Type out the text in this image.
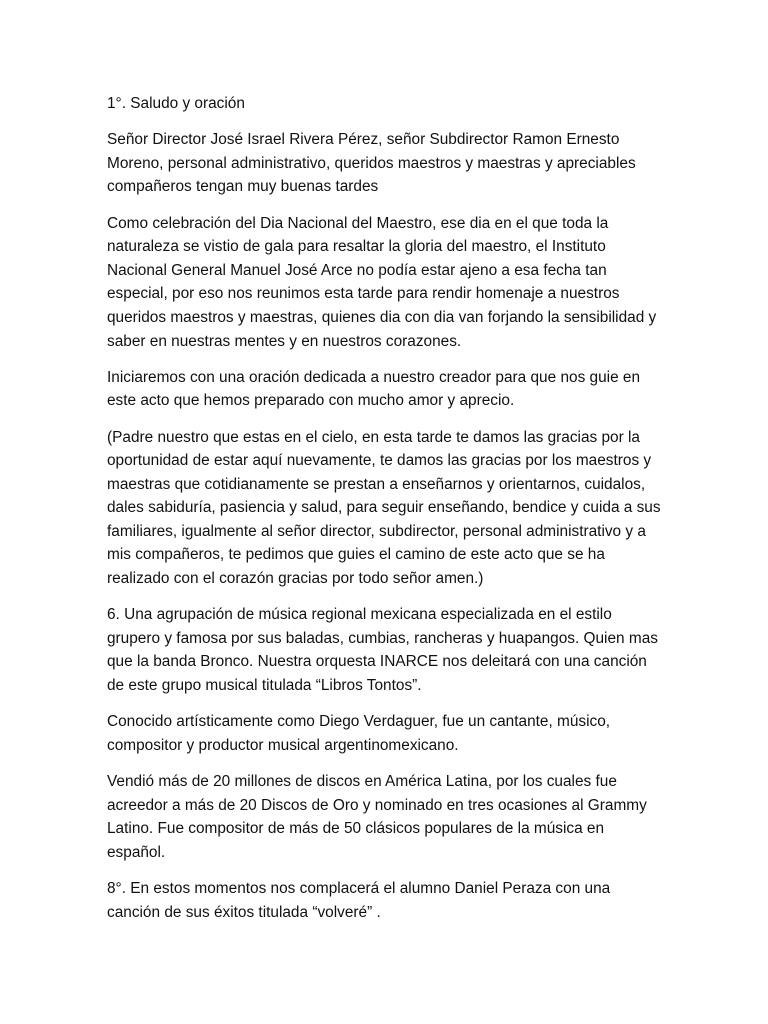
1°. Saludo y oración

Señor Director José Israel Rivera Pérez, señor Subdirector Ramon Ernesto Moreno, personal administrativo, queridos maestros y maestras y apreciables compañeros tengan muy buenas tardes

Como celebración del Dia Nacional del Maestro, ese dia en el que toda la naturaleza se vistio de gala para resaltar la gloria del maestro, el Instituto Nacional General Manuel José Arce no podía estar ajeno a esa fecha tan especial, por eso nos reunimos esta tarde para rendir homenaje a nuestros queridos maestros y maestras, quienes dia con dia van forjando la sensibilidad y saber en nuestras mentes y en nuestros corazones.

Iniciaremos con una oración dedicada a nuestro creador para que nos guie en este acto que hemos preparado con mucho amor y aprecio.

(Padre nuestro que estas en el cielo, en esta tarde te damos las gracias por la oportunidad de estar aquí nuevamente, te damos las gracias por los maestros y maestras que cotidianamente se prestan a enseñarnos y orientarnos, cuidalos, dales sabiduría, pasiencia y salud, para seguir enseñando, bendice y cuida a sus familiares, igualmente al señor director, subdirector, personal administrativo y a mis compañeros, te pedimos que guies el camino de este acto que se ha realizado con el corazón gracias por todo señor amen.)

6. Una agrupación de música regional mexicana especializada en el estilo grupero y famosa por sus baladas, cumbias, rancheras y huapangos. Quien mas que la banda Bronco. Nuestra orquesta INARCE nos deleitará con una canción de este grupo musical titulada “Libros Tontos”.

Conocido artísticamente como Diego Verdaguer, fue un cantante, músico, compositor y productor musical argentinomexicano.

Vendió más de 20 millones de discos en América Latina, por los cuales fue acreedor a más de 20 Discos de Oro y nominado en tres ocasiones al Grammy Latino. Fue compositor de más de 50 clásicos populares de la música en español.

8°. En estos momentos nos complacerá el alumno Daniel Peraza con una canción de sus éxitos titulada “volveré” .
